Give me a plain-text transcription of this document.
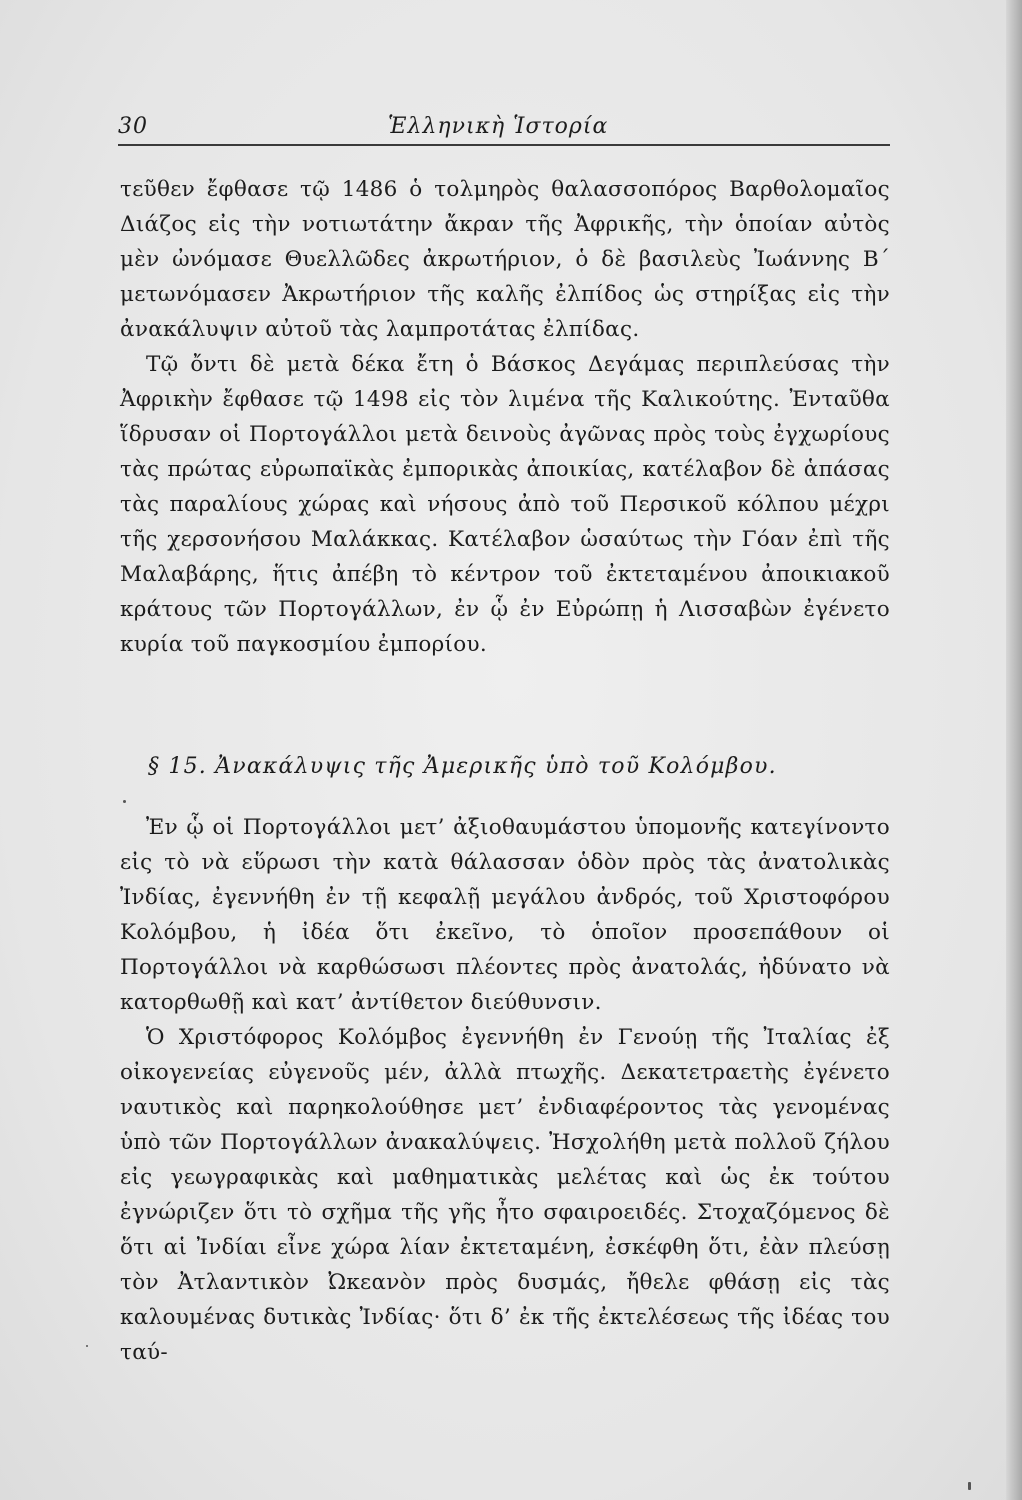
30	Ἑλληνικὴ Ἱστορία

τεῦθεν ἔφθασε τῷ 1486 ὁ τολμηρὸς θαλασσοπόρος Βαρθολομαῖος Διάζος εἰς τὴν νοτιωτάτην ἄκραν τῆς Ἀφρικῆς, τὴν ὁποίαν αὐτὸς μὲν ὠνόμασε Θυελλῶδες ἀκρωτήριον, ὁ δὲ βασιλεὺς Ἰωάννης Β΄ μετωνόμασεν Ἀκρωτήριον τῆς καλῆς ἐλπίδος ὡς στηρίξας εἰς τὴν ἀνακάλυψιν αὐτοῦ τὰς λαμπροτάτας ἐλπίδας.

Τῷ ὄντι δὲ μετὰ δέκα ἔτη ὁ Βάσκος Δεγάμας περιπλεύσας τὴν Ἀφρικὴν ἔφθασε τῷ 1498 εἰς τὸν λιμένα τῆς Καλικούτης. Ἐνταῦθα ἵδρυσαν οἱ Πορτογάλλοι μετὰ δεινοὺς ἀγῶνας πρὸς τοὺς ἐγχωρίους τὰς πρώτας εὐρωπαϊκὰς ἐμπορικὰς ἀποικίας, κατέλαβον δὲ ἁπάσας τὰς παραλίους χώρας καὶ νήσους ἀπὸ τοῦ Περσικοῦ κόλπου μέχρι τῆς χερσονήσου Μαλάκκας. Κατέλαβον ὡσαύτως τὴν Γόαν ἐπὶ τῆς Μαλαβάρης, ἥτις ἀπέβη τὸ κέντρον τοῦ ἐκτεταμένου ἀποικιακοῦ κράτους τῶν Πορτογάλλων, ἐν ᾧ ἐν Εὐρώπῃ ἡ Λισσαβὼν ἐγένετο κυρία τοῦ παγκοσμίου ἐμπορίου.

§ 15. Ἀνακάλυψις τῆς Ἀμερικῆς ὑπὸ τοῦ Κολόμβου.

Ἐν ᾧ οἱ Πορτογάλλοι μετ’ ἀξιοθαυμάστου ὑπομονῆς κατεγίνοντο εἰς τὸ νὰ εὕρωσι τὴν κατὰ θάλασσαν ὁδὸν πρὸς τὰς ἀνατολικὰς Ἰνδίας, ἐγεννήθη ἐν τῇ κεφαλῇ μεγάλου ἀνδρός, τοῦ Χριστοφόρου Κολόμβου, ἡ ἰδέα ὅτι ἐκεῖνο, τὸ ὁποῖον προσεπάθουν οἱ Πορτογάλλοι νὰ καρθώσωσι πλέοντες πρὸς ἀνατολάς, ἠδύνατο νὰ κατορθωθῇ καὶ κατ’ ἀντίθετον διεύθυνσιν.

Ὁ Χριστόφορος Κολόμβος ἐγεννήθη ἐν Γενούῃ τῆς Ἰταλίας ἐξ οἰκογενείας εὐγενοῦς μέν, ἀλλὰ πτωχῆς. Δεκατετραετὴς ἐγένετο ναυτικὸς καὶ παρηκολούθησε μετ’ ἐνδιαφέροντος τὰς γενομένας ὑπὸ τῶν Πορτογάλλων ἀνακαλύψεις. Ἠσχολήθη μετὰ πολλοῦ ζήλου εἰς γεωγραφικὰς καὶ μαθηματικὰς μελέτας καὶ ὡς ἐκ τούτου ἐγνώριζεν ὅτι τὸ σχῆμα τῆς γῆς ἦτο σφαιροειδές. Στοχαζόμενος δὲ ὅτι αἱ Ἰνδίαι εἶνε χώρα λίαν ἐκτεταμένη, ἐσκέφθη ὅτι, ἐὰν πλεύσῃ τὸν Ἀτλαντικὸν Ὠκεανὸν πρὸς δυσμάς, ἤθελε φθάσῃ εἰς τὰς καλουμένας δυτικὰς Ἰνδίας· ὅτι δ’ ἐκ τῆς ἐκτελέσεως τῆς ἰδέας του ταύ-
